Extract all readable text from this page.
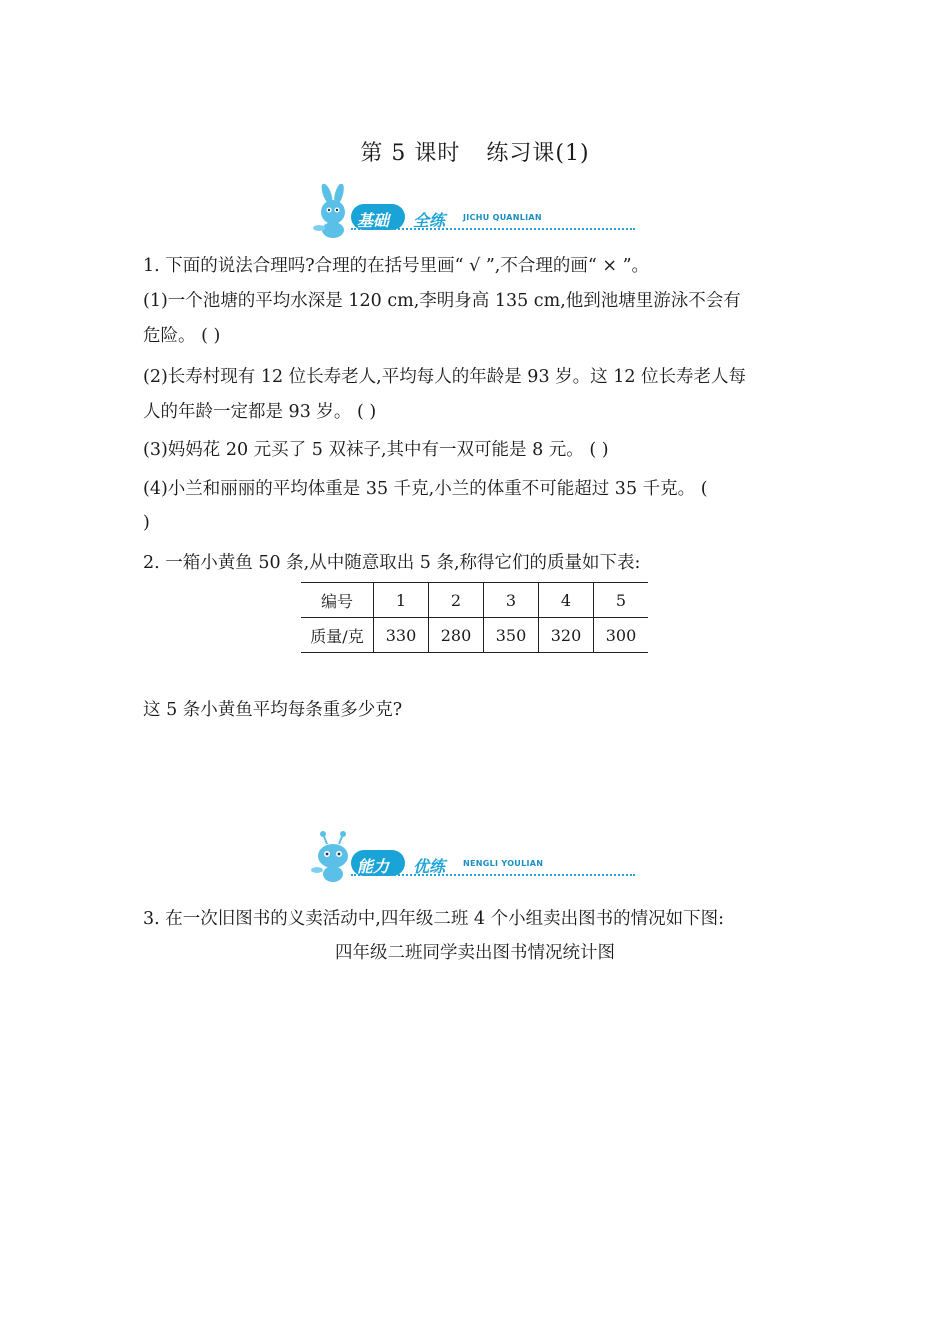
第 5 课时 练习课(1)
基础 全练 JICHU QUANLIAN
1. 下面的说法合理吗?合理的在括号里画“ √ ”,不合理的画“ × ”。
(1)一个池塘的平均水深是 120 cm,李明身高 135 cm,他到池塘里游泳不会有
危险。 ( )
(2)长寿村现有 12 位长寿老人,平均每人的年龄是 93 岁。这 12 位长寿老人每
人的年龄一定都是 93 岁。 ( )
(3)妈妈花 20 元买了 5 双袜子,其中有一双可能是 8 元。 ( )
(4)小兰和丽丽的平均体重是 35 千克,小兰的体重不可能超过 35 千克。 (
)
2. 一箱小黄鱼 50 条,从中随意取出 5 条,称得它们的质量如下表:
编号	1	2	3	4	5
质量/克	330	280	350	320	300
这 5 条小黄鱼平均每条重多少克?
能力 优练 NENGLI YOULIAN
3. 在一次旧图书的义卖活动中,四年级二班 4 个小组卖出图书的情况如下图:
四年级二班同学卖出图书情况统计图
